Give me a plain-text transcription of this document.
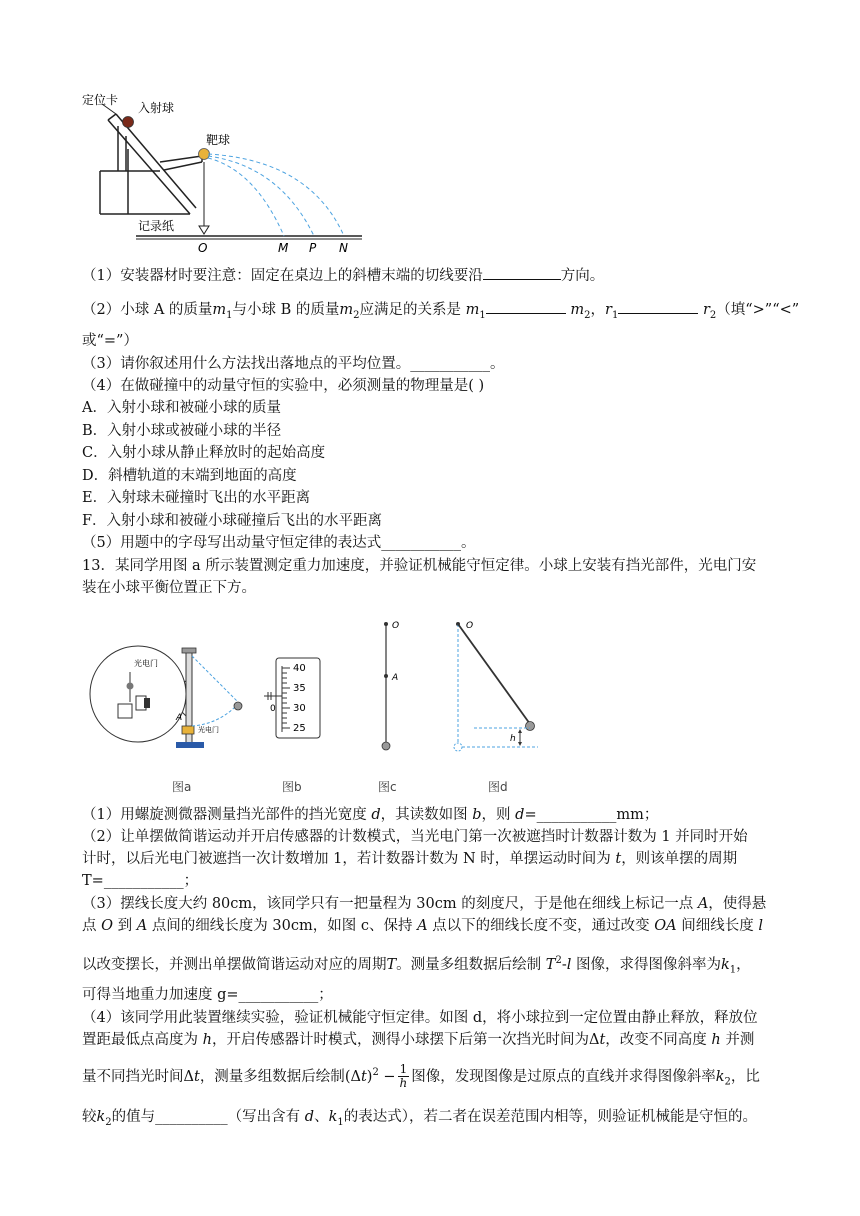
定位卡
入射球
靶球
记录纸
O	M P N
（1）安装器材时要注意：固定在桌边上的斜槽末端的切线要沿	方向。
（2）小球 A 的质量$m_1$与小球 B 的质量$m_2$应满足的关系是 $m_1$	$m_2$，$r_1$	$r_2$（填“>”“<”
或“=”）
（3）请你叙述用什么方法找出落地点的平均位置。___________。
（4）在做碰撞中的动量守恒的实验中，必须测量的物理量是( )
A．入射小球和被碰小球的质量
B．入射小球或被碰小球的半径
C．入射小球从静止释放时的起始高度
D．斜槽轨道的末端到地面的高度
E．入射球未碰撞时飞出的水平距离
F．入射小球和被碰小球碰撞后飞出的水平距离
（5）用题中的字母写出动量守恒定律的表达式___________。
13．某同学用图 a 所示装置测定重力加速度，并验证机械能守恒定律。小球上安装有挡光部件，光电门安
装在小球平衡位置正下方。
光电门
A
光电门
40
35
30
25
0
O
A
O
h
图a	图b	图c	图d
（1）用螺旋测微器测量挡光部件的挡光宽度 d，其读数如图 b，则 d=___________mm；
（2）让单摆做简谐运动并开启传感器的计数模式，当光电门第一次被遮挡时计数器计数为 1 并同时开始
计时，以后光电门被遮挡一次计数增加 1，若计数器计数为 N 时，单摆运动时间为 t，则该单摆的周期
T=___________；
（3）摆线长度大约 80cm，该同学只有一把量程为 30cm 的刻度尺，于是他在细线上标记一点 A，使得悬
点 O 到 A 点间的细线长度为 30cm，如图 c、保持 A 点以下的细线长度不变，通过改变 OA 间细线长度 l
以改变摆长，并测出单摆做简谐运动对应的周期T。测量多组数据后绘制 $T^2-l$ 图像，求得图像斜率为$k_1$，
可得当地重力加速度 g=___________；
（4）该同学用此装置继续实验，验证机械能守恒定律。如图 d，将小球拉到一定位置由静止释放，释放位
置距最低点高度为 h，开启传感器计时模式，测得小球摆下后第一次挡光时间为Δt，改变不同高度 h 并测
量不同挡光时间Δt，测量多组数据后绘制$(\Delta t)^2 - \frac{1}{h}$ 图像，发现图像是过原点的直线并求得图像斜率$k_2$，比
较$k_2$的值与__________（写出含有 d、$k_1$的表达式），若二者在误差范围内相等，则验证机械能是守恒的。
